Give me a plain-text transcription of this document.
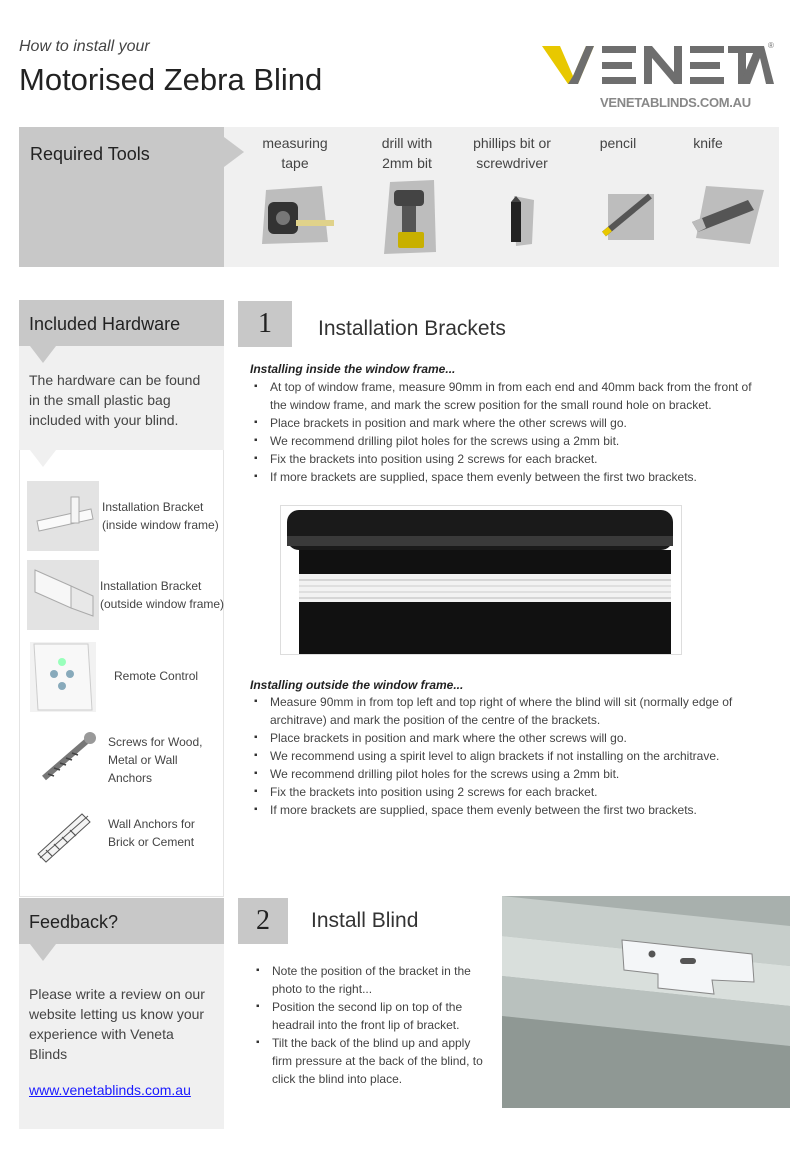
How to install your
Motorised Zebra Blind
®
VENETABLINDS.COM.AU
Required Tools
measuring
tape
drill with
2mm bit
phillips bit or
screwdriver
pencil	knife
Included Hardware
The hardware can be found in the small plastic bag included with your blind.
Installation Bracket
(inside window frame)
Installation Bracket
(outside window frame)
Remote Control
Screws for Wood,
Metal or Wall
Anchors
Wall Anchors for
Brick or Cement
Feedback?
Please write a review on our website letting us know your experience with Veneta Blinds
www.venetablinds.com.au
1	Installation Brackets
Installing inside the window frame...
▪ At top of window frame, measure 90mm in from each end and 40mm back from the front of the window frame, and mark the screw position for the small round hole on bracket.
▪ Place brackets in position and mark where the other screws will go.
▪ We recommend drilling pilot holes for the screws using a 2mm bit.
▪ Fix the brackets into position using 2 screws for each bracket.
▪ If more brackets are supplied, space them evenly between the first two brackets.
Installing outside the window frame...
▪ Measure 90mm in from top left and top right of where the blind will sit (normally edge of architrave) and mark the position of the centre of the brackets.
▪ Place brackets in position and mark where the other screws will go.
▪ We recommend using a spirit level to align brackets if not installing on the architrave.
▪ We recommend drilling pilot holes for the screws using a 2mm bit.
▪ Fix the brackets into position using 2 screws for each bracket.
▪ If more brackets are supplied, space them evenly between the first two brackets.
2	Install Blind
▪ Note the position of the bracket in the photo to the right...
▪ Position the second lip on top of the headrail into the front lip of bracket.
▪ Tilt the back of the blind up and apply firm pressure at the back of the blind, to click the blind into place.
